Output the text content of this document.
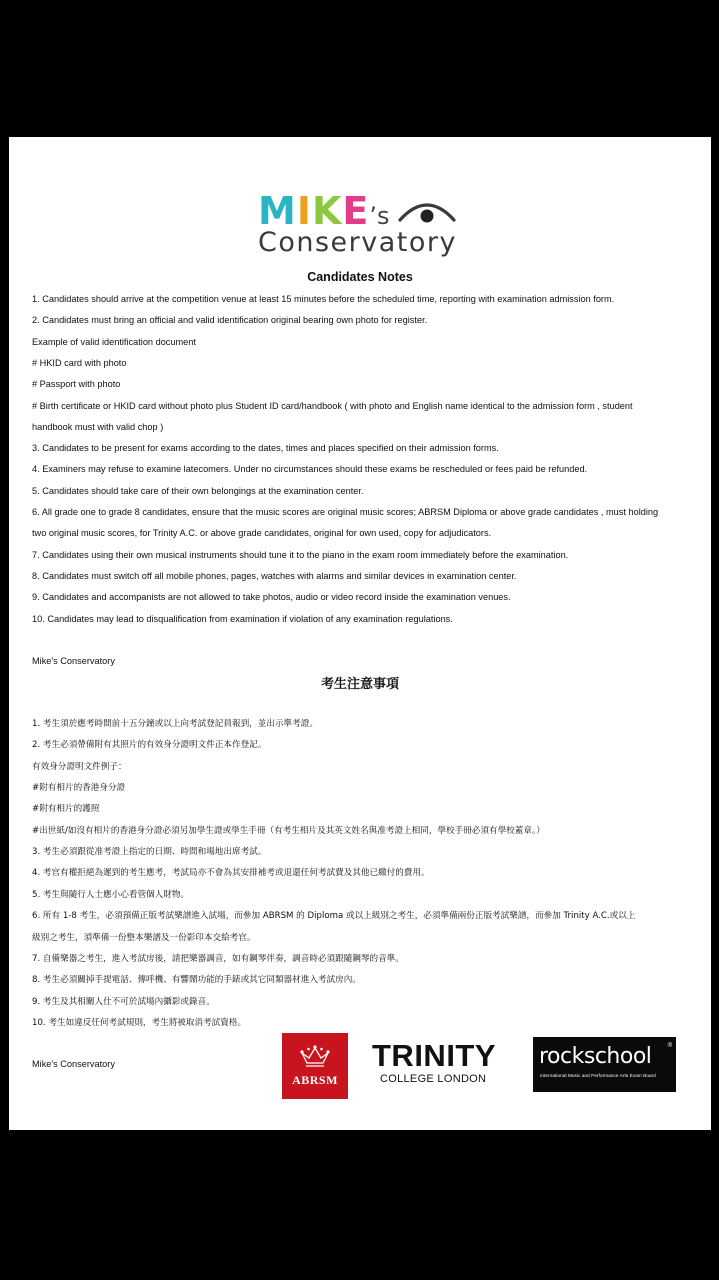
MIKE’s
Conservatory
Candidates Notes
1. Candidates should arrive at the competition venue at least 15 minutes before the scheduled time, reporting with examination admission form.
2. Candidates must bring an official and valid identification original bearing own photo for register.
Example of valid identification document
# HKID card with photo
# Passport with photo
# Birth certificate or HKID card without photo plus Student ID card/handbook ( with photo and English name identical to the admission form , student
handbook must with valid chop )
3. Candidates to be present for exams according to the dates, times and places specified on their admission forms.
4. Examiners may refuse to examine latecomers. Under no circumstances should these exams be rescheduled or fees paid be refunded.
5. Candidates should take care of their own belongings at the examination center.
6. All grade one to grade 8 candidates, ensure that the music scores are original music scores; ABRSM Diploma or above grade candidates , must holding
two original music scores, for Trinity A.C. or above grade candidates, original for own used, copy for adjudicators.
7. Candidates using their own musical instruments should tune it to the piano in the exam room immediately before the examination.
8. Candidates must switch off all mobile phones, pages, watches with alarms and similar devices in examination center.
9. Candidates and accompanists are not allowed to take photos, audio or video record inside the examination venues.
10. Candidates may lead to disqualification from examination if violation of any examination regulations.
Mike's Conservatory
考生注意事項
1. 考生須於應考時間前十五分鐘或以上向考試登記員報到，並出示準考證。
2. 考生必須帶備附有其照片的有效身分證明文件正本作登記。
有效身分證明文件例子：
#附有相片的香港身分證
#附有相片的護照
#出世紙/如沒有相片的香港身分證必須另加學生證或學生手冊（有考生相片及其英文姓名與准考證上相同，學校手冊必須有學校蓋章。）
3. 考生必須跟從准考證上指定的日期、時間和場地出席考試。
4. 考官有權拒絕為遲到的考生應考，考試局亦不會為其安排補考或退還任何考試費及其他已繳付的費用。
5. 考生與隨行人士應小心看管個人財物。
6. 所有 1-8 考生，必須預備正版考試樂譜進入試場，而參加 ABRSM 的 Diploma 或以上級別之考生，必須準備兩份正版考試樂譜，而參加 Trinity A.C.或以上
級別之考生，須準備一份整本樂譜及一份影印本交給考官。
7. 自備樂器之考生，進入考試房後，請把樂器調音，如有鋼琴伴奏，調音時必須跟隨鋼琴的音準。
8. 考生必須關掉手提電話、傳呼機、有響鬧功能的手錶或其它同類器材進入考試房內。
9. 考生及其相關人仕不可於試場內攝影或錄音。
10. 考生如違反任何考試規則，考生將被取消考試資格。
Mike's Conservatory
ABRSM
TRINITY
COLLEGE LONDON
rockschool	®
International Music and Performance Arts Exam Board
